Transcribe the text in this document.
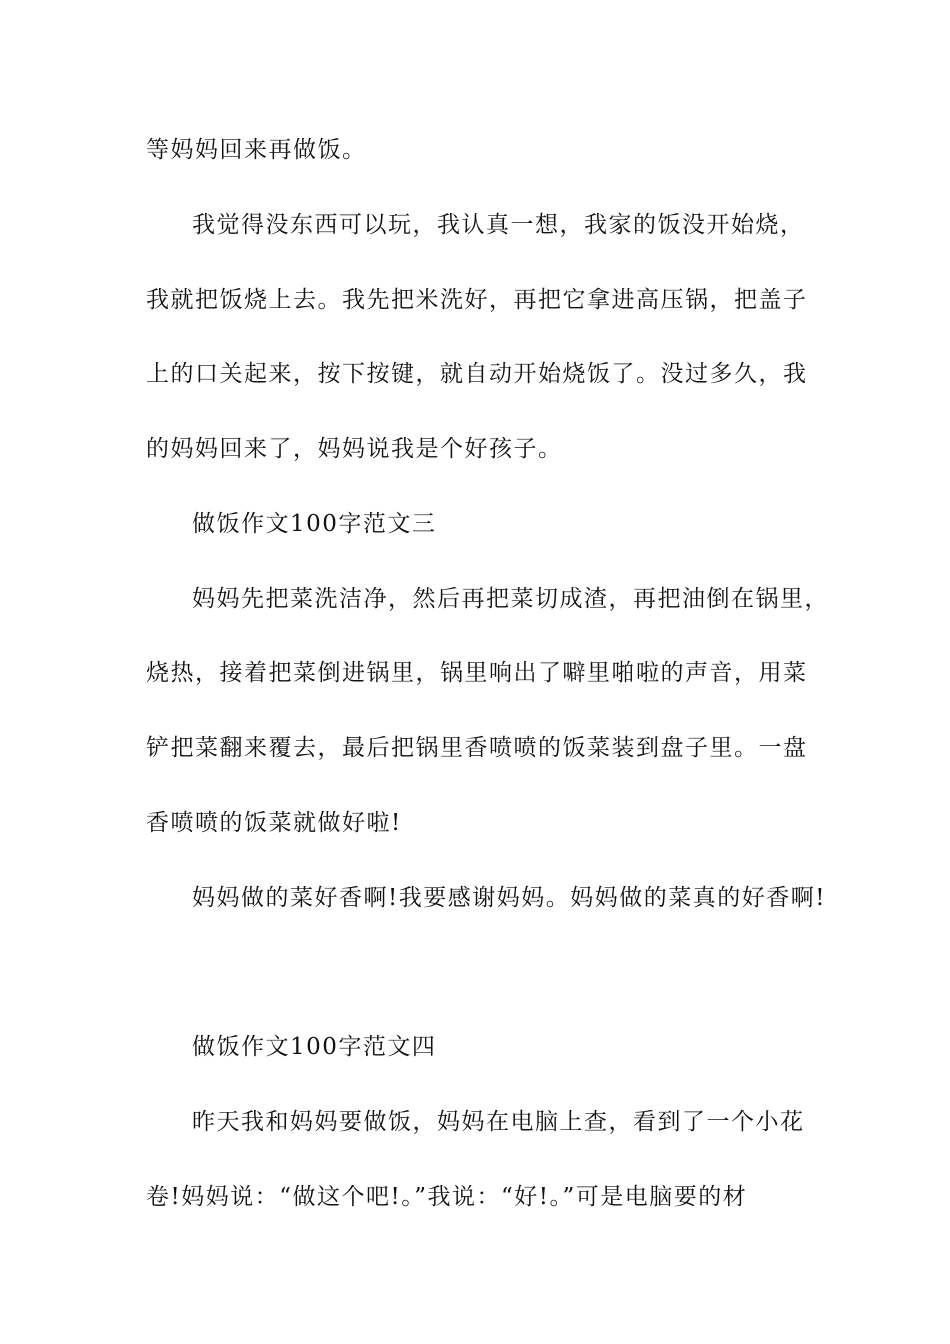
等妈妈回来再做饭。
我觉得没东西可以玩，我认真一想，我家的饭没开始烧，
我就把饭烧上去。我先把米洗好，再把它拿进高压锅，把盖子
上的口关起来，按下按键，就自动开始烧饭了。没过多久，我
的妈妈回来了，妈妈说我是个好孩子。
做饭作文100字范文三
妈妈先把菜洗洁净，然后再把菜切成渣，再把油倒在锅里，
烧热，接着把菜倒进锅里，锅里响出了噼里啪啦的声音，用菜
铲把菜翻来覆去，最后把锅里香喷喷的饭菜装到盘子里。一盘
香喷喷的饭菜就做好啦!
妈妈做的菜好香啊!我要感谢妈妈。妈妈做的菜真的好香啊!
做饭作文100字范文四
昨天我和妈妈要做饭，妈妈在电脑上查，看到了一个小花
卷!妈妈说：“做这个吧!。”我说：“好!。”可是电脑要的材
